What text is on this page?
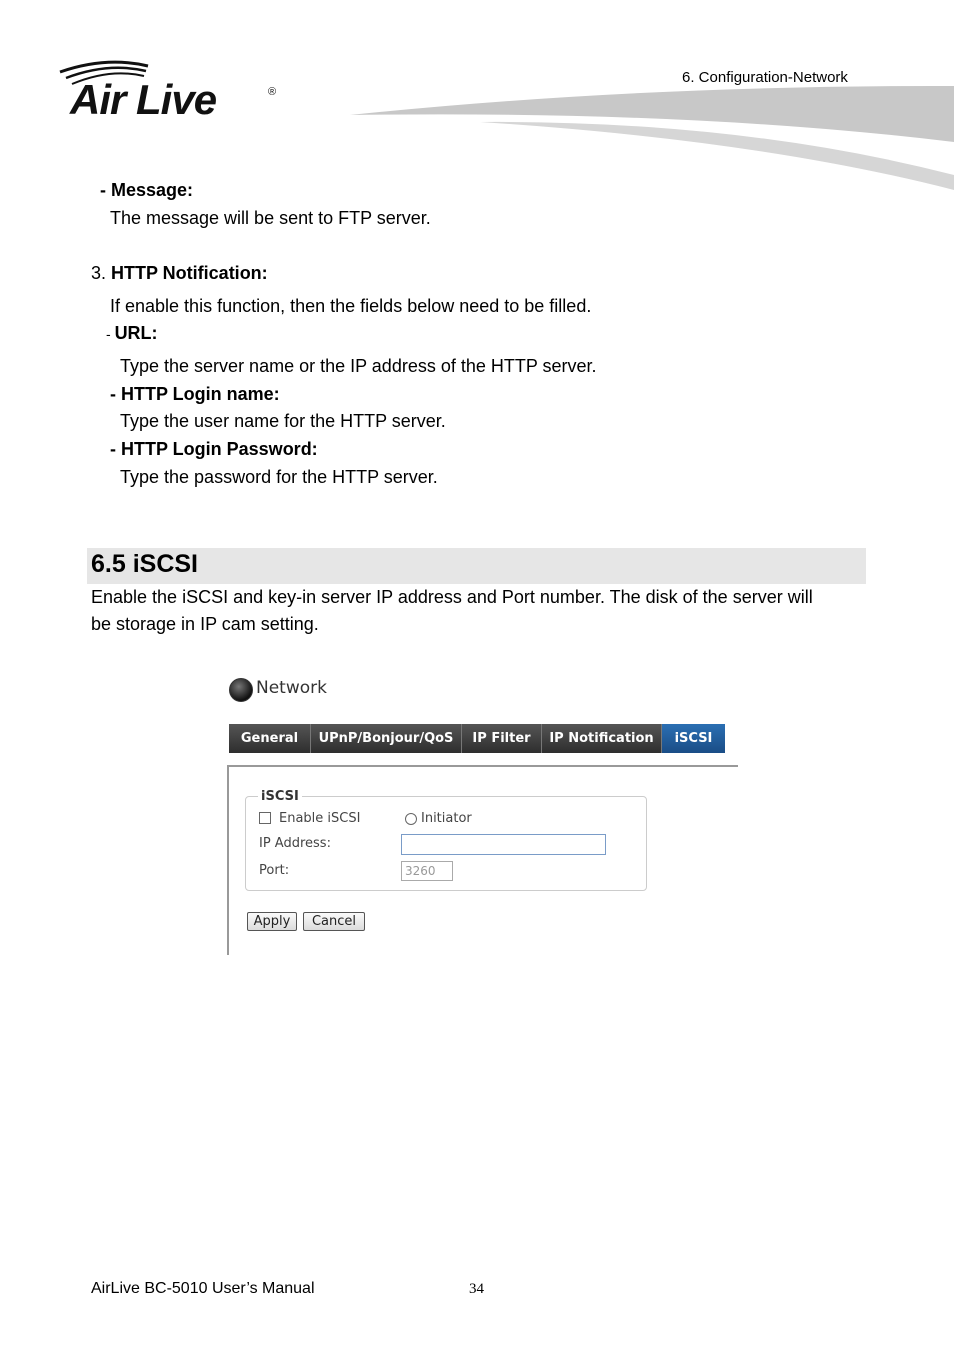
Air Live	®
6. Configuration-Network
- Message:
The message will be sent to FTP server.
3. HTTP Notification:
If enable this function, then the fields below need to be filled.
- URL:
Type the server name or the IP address of the HTTP server.
- HTTP Login name:
Type the user name for the HTTP server.
- HTTP Login Password:
Type the password for the HTTP server.
6.5 iSCSI
Enable the iSCSI and key-in server IP address and Port number. The disk of the server will
be storage in IP cam setting.
Network
General	UPnP/Bonjour/QoS	IP Filter	IP Notification	iSCSI
iSCSI
Enable iSCSI	Initiator
IP Address:
Port:	3260
Apply	Cancel
AirLive BC-5010 User’s Manual	34
